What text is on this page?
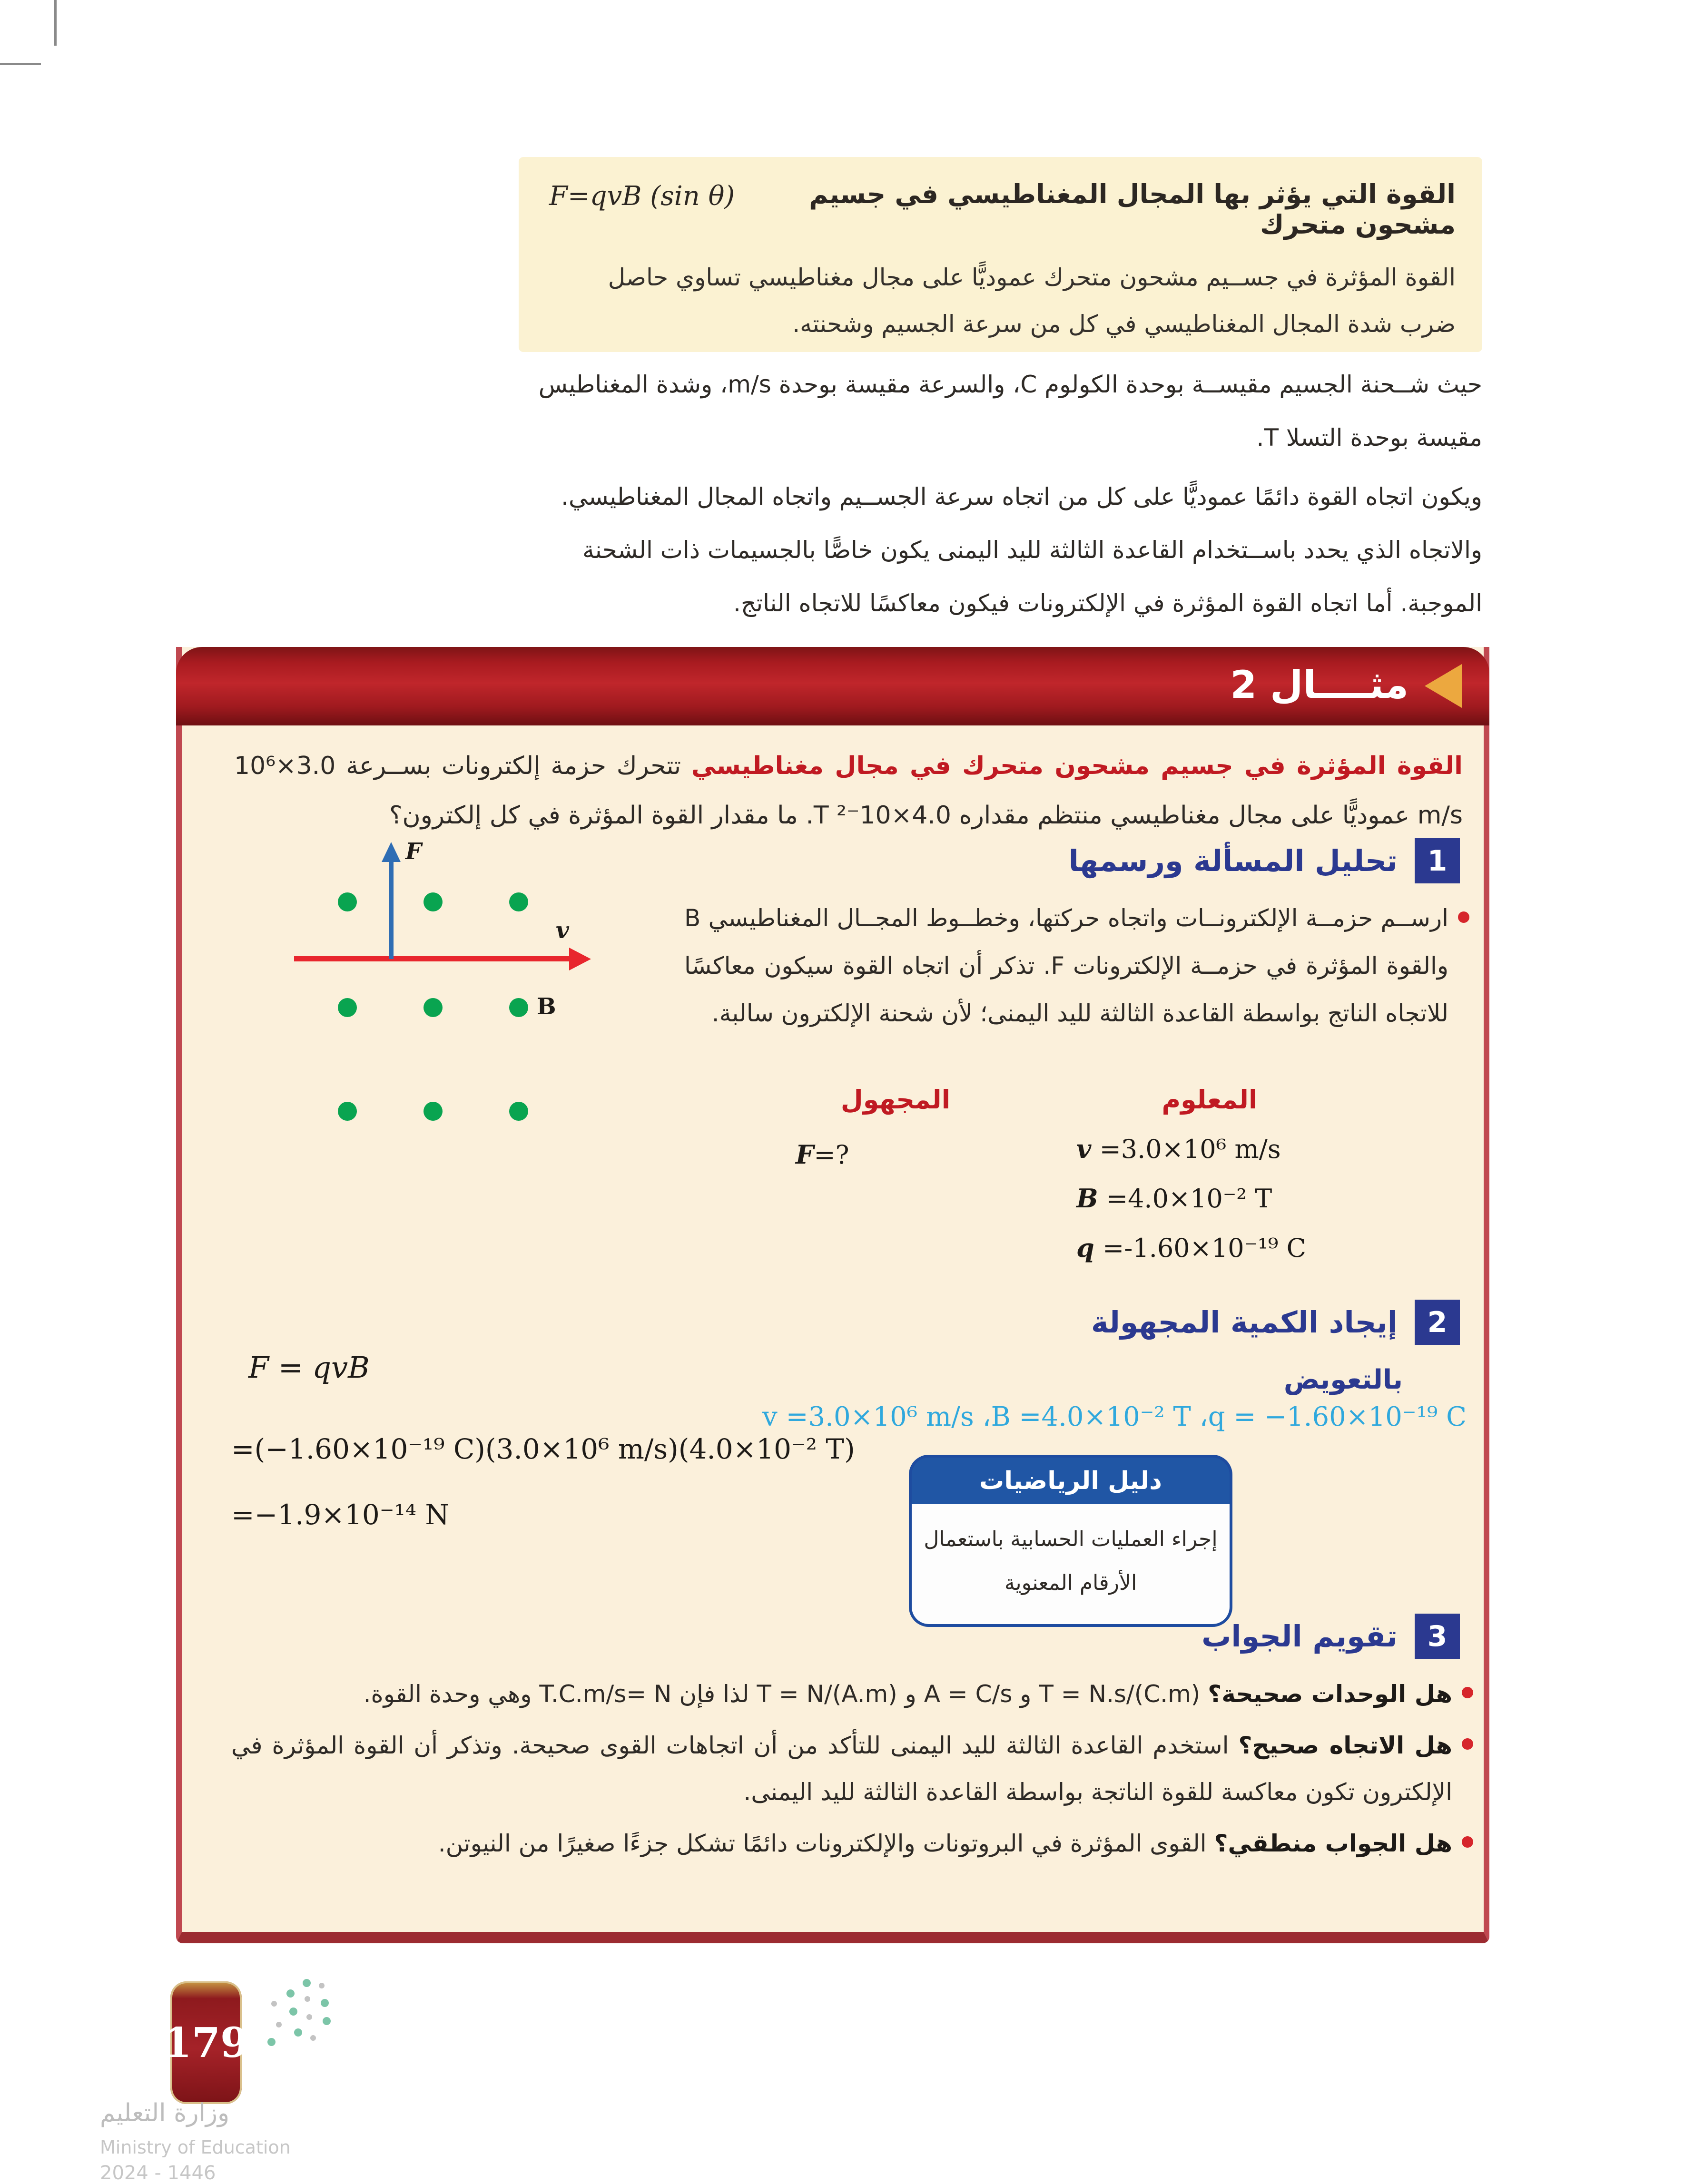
القوة التي يؤثر بها المجال المغناطيسي في جسيم مشحون متحرك
F=qvB (sin θ)
القوة المؤثرة في جســيم مشحون متحرك عموديًّا على مجال مغناطيسي تساوي حاصل
ضرب شدة المجال المغناطيسي في كل من سرعة الجسيم وشحنته.
حيث شــحنة الجسيم مقيســة بوحدة الكولوم C، والسرعة مقيسة بوحدة m/s، وشدة المغناطيس مقيسة بوحدة التسلا T.
ويكون اتجاه القوة دائمًا عموديًّا على كل من اتجاه سرعة الجســيم واتجاه المجال المغناطيسي. والاتجاه الذي يحدد باســتخدام القاعدة الثالثة لليد اليمنى يكون خاصًّا بالجسيمات ذات الشحنة الموجبة. أما اتجاه القوة المؤثرة في الإلكترونات فيكون معاكسًا للاتجاه الناتج.
مثــــال 2
القوة المؤثرة في جسيم مشحون متحرك في مجال مغناطيسي تتحرك حزمة إلكترونات بســرعة 3.0×10⁶ m/s عموديًّا على مجال مغناطيسي منتظم مقداره 4.0×10⁻² T. ما مقدار القوة المؤثرة في كل إلكترون؟
تحليل المسألة ورسمها	1
F
v
B
ارســم حزمــة الإلكترونــات واتجاه حركتها، وخطــوط المجــال المغناطيسي B والقوة المؤثرة في حزمــة الإلكترونات F. تذكر أن اتجاه القوة سيكون معاكسًا للاتجاه الناتج بواسطة القاعدة الثالثة لليد اليمنى؛ لأن شحنة الإلكترون سالبة.
المجهول
F=?
المعلوم
v =3.0×10⁶ m/s
B =4.0×10⁻² T
q =-1.60×10⁻¹⁹ C
إيجاد الكمية المجهولة	2
بالتعويض
v =3.0×10⁶ m/s ،B =4.0×10⁻² T ،q = −1.60×10⁻¹⁹ C
F = qvB
=(−1.60×10⁻¹⁹ C)(3.0×10⁶ m/s)(4.0×10⁻² T)
=−1.9×10⁻¹⁴ N
دليل الرياضيات
إجراء العمليات الحسابية باستعمال
الأرقام المعنوية
تقويم الجواب	3
هل الوحدات صحيحة؟ T = N.s/(C.m) و A = C/s و T = N/(A.m) لذا فإن T.C.m/s= N وهي وحدة القوة.
هل الاتجاه صحيح؟ استخدم القاعدة الثالثة لليد اليمنى للتأكد من أن اتجاهات القوى صحيحة. وتذكر أن القوة المؤثرة في الإلكترون تكون معاكسة للقوة الناتجة بواسطة القاعدة الثالثة لليد اليمنى.
هل الجواب منطقي؟ القوى المؤثرة في البروتونات والإلكترونات دائمًا تشكل جزءًا صغيرًا من النيوتن.
179
وزارة التعليم
Ministry of Education
2024 - 1446
